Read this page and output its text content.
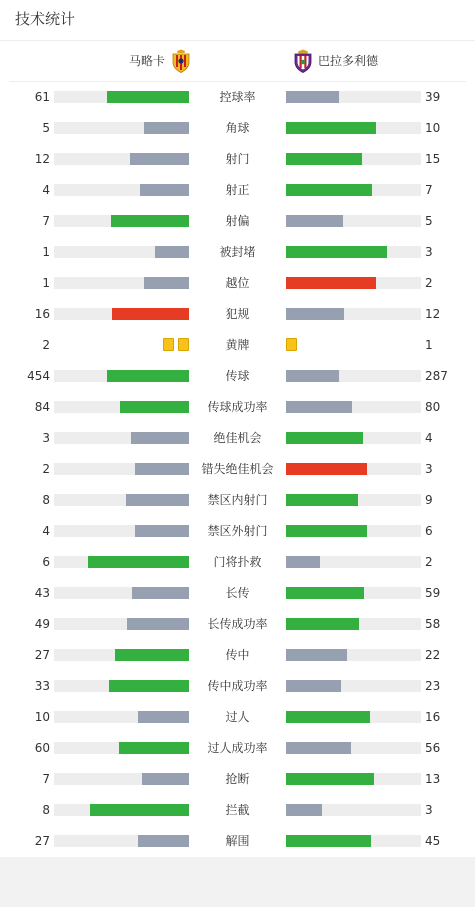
技术统计
马略卡	巴拉多利德
61	控球率	39
5	角球	10
12	射门	15
4	射正	7
7	射偏	5
1	被封堵	3
1	越位	2
16	犯规	12
2	黄牌	1
454	传球	287
84	传球成功率	80
3	绝佳机会	4
2	错失绝佳机会	3
8	禁区内射门	9
4	禁区外射门	6
6	门将扑救	2
43	长传	59
49	长传成功率	58
27	传中	22
33	传中成功率	23
10	过人	16
60	过人成功率	56
7	抢断	13
8	拦截	3
27	解围	45
